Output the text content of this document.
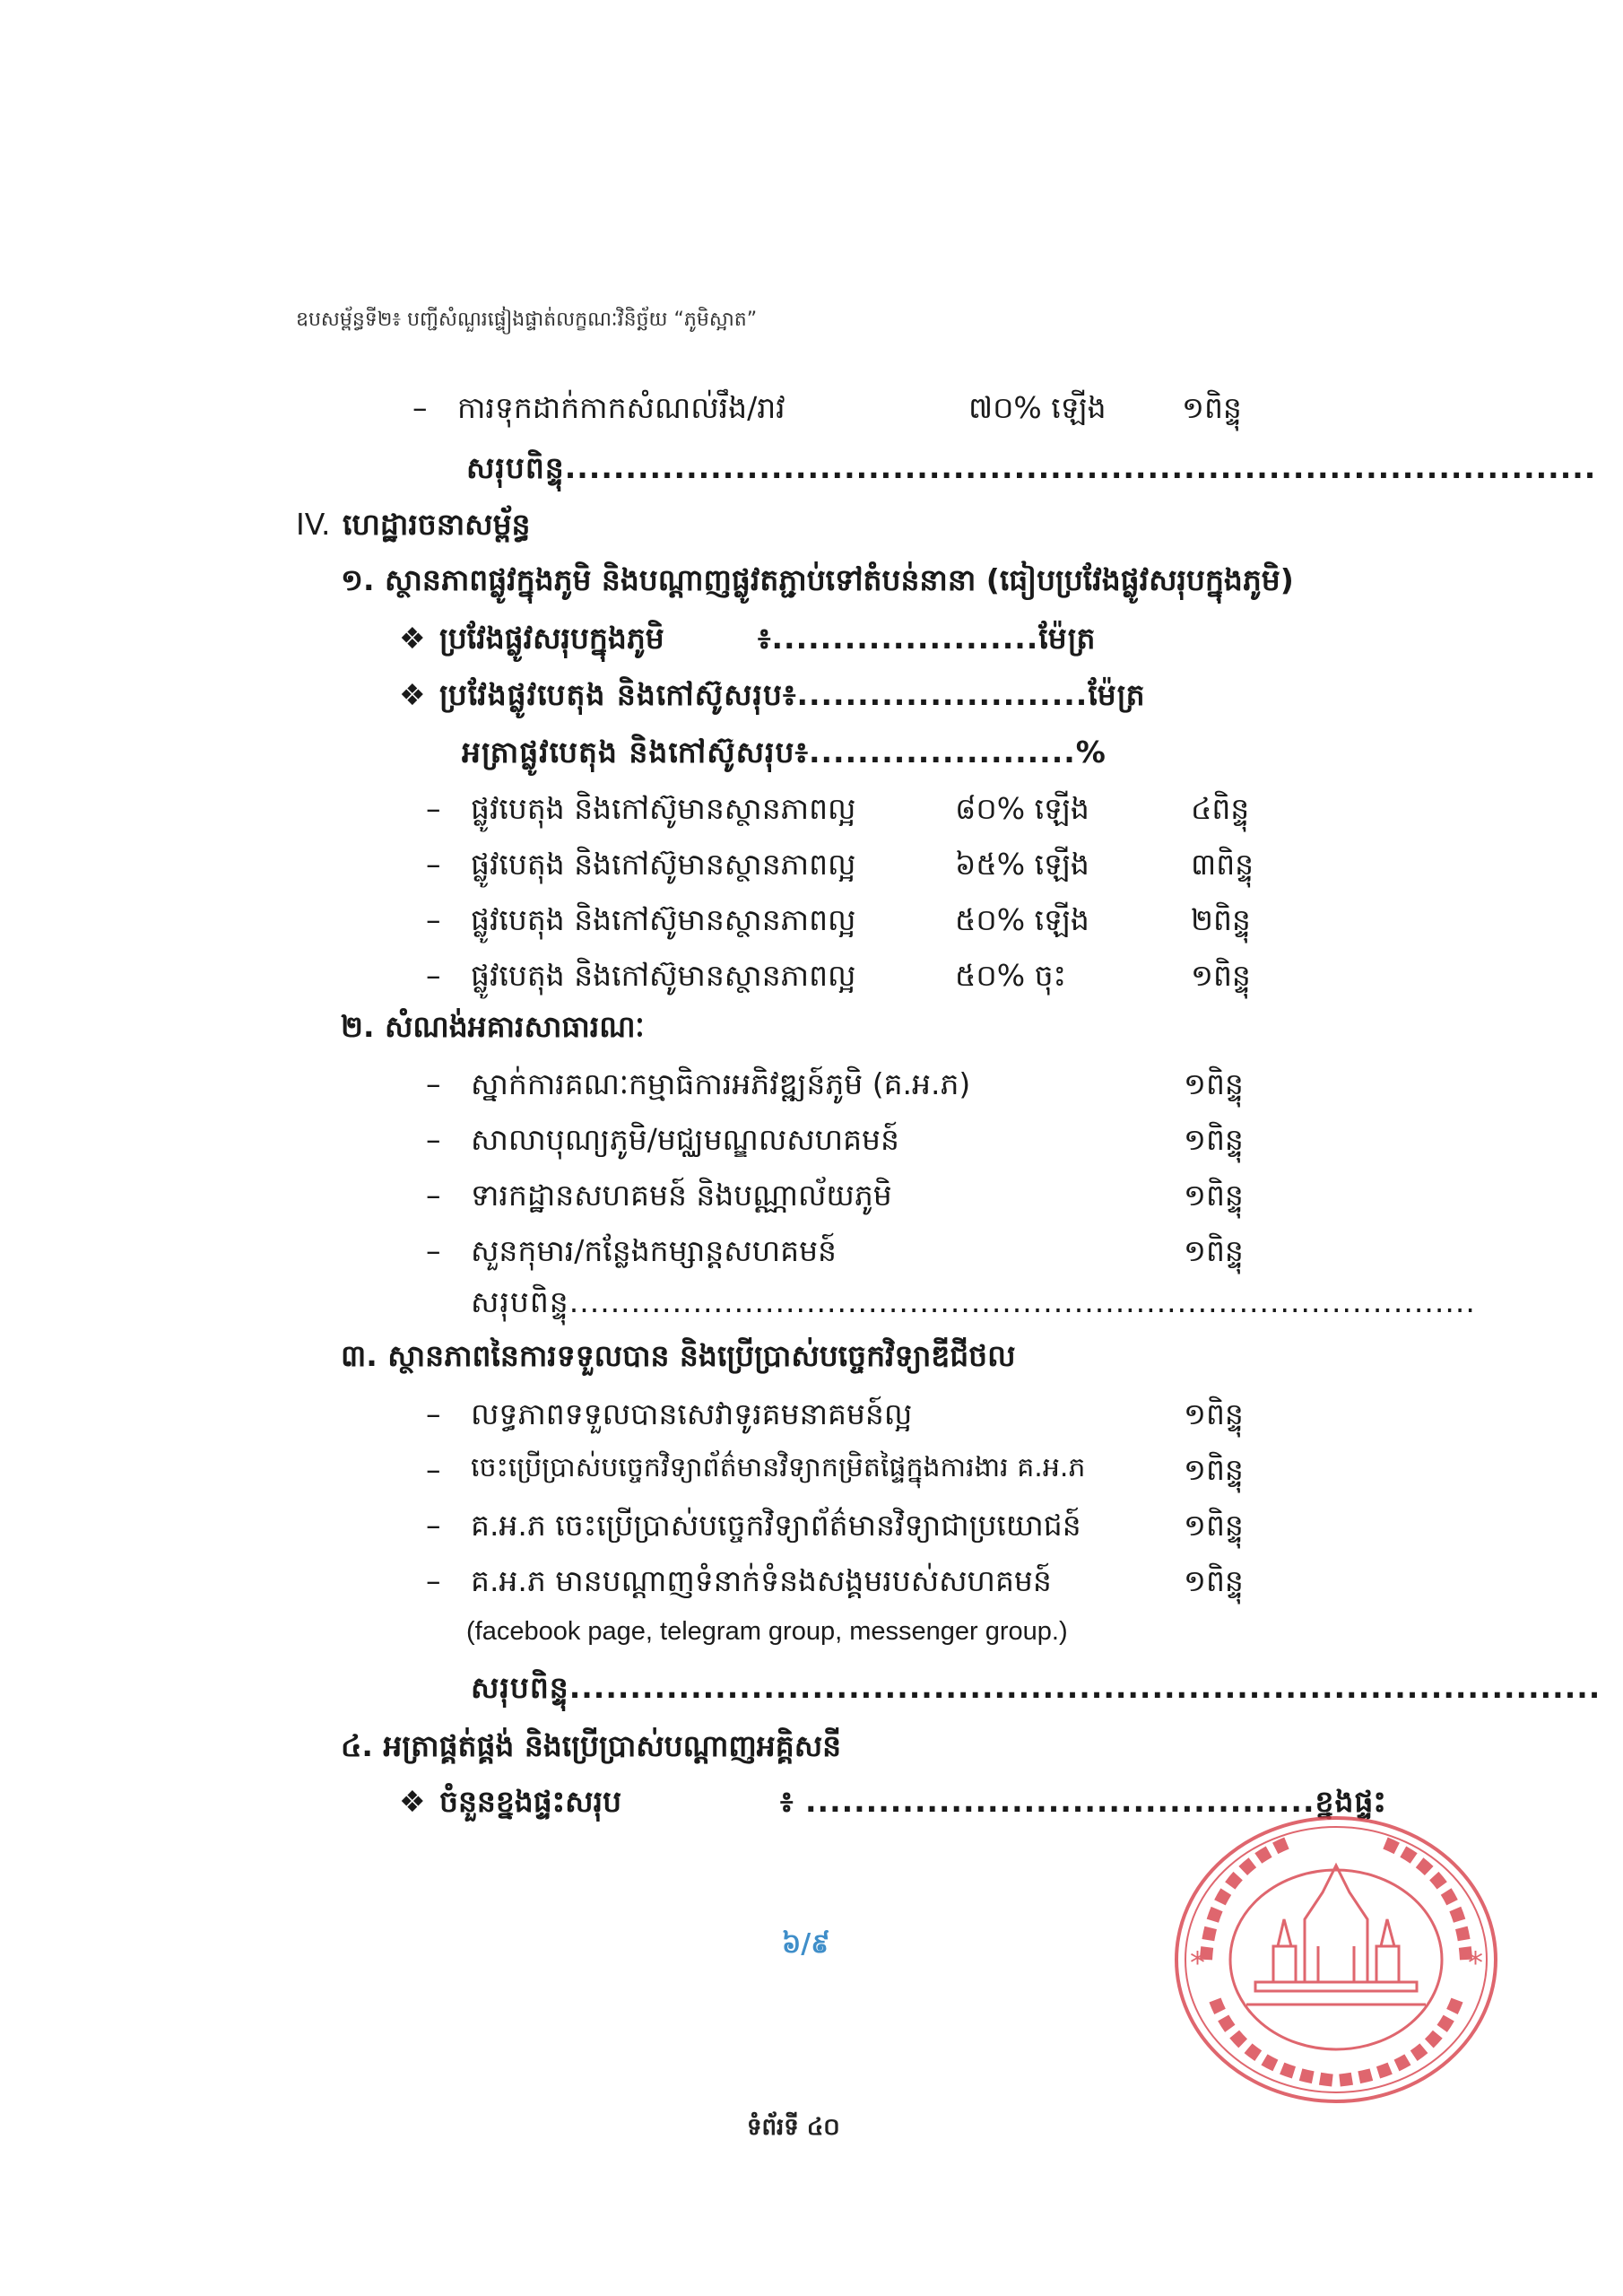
ឧបសម្ព័ន្ធទី២៖ បញ្ជីសំណួរផ្ទៀងផ្ទាត់លក្ខណៈវិនិច្ឆ័យ “ភូមិស្អាត”
– ការទុកដាក់កាកសំណល់រឹង/រាវ	៧០% ឡើង	១ពិន្ទុ
សរុបពិន្ទុ.....................................................................................
IV. ហេដ្ឋារចនាសម្ព័ន្ធ
១. ស្ថានភាពផ្លូវក្នុងភូមិ និងបណ្តាញផ្លូវតភ្ជាប់ទៅតំបន់នានា (ធៀបប្រវែងផ្លូវសរុបក្នុងភូមិ)
❖ ប្រវែងផ្លូវសរុបក្នុងភូមិ	៖......................ម៉ែត្រ
❖ ប្រវែងផ្លូវបេតុង និងកៅស៊ូសរុប៖........................ម៉ែត្រ
អត្រាផ្លូវបេតុង និងកៅស៊ូសរុប៖......................%
– ផ្លូវបេតុង និងកៅស៊ូមានស្ថានភាពល្អ	៨០% ឡើង	៤ពិន្ទុ
– ផ្លូវបេតុង និងកៅស៊ូមានស្ថានភាពល្អ	៦៥% ឡើង	៣ពិន្ទុ
– ផ្លូវបេតុង និងកៅស៊ូមានស្ថានភាពល្អ	៥០% ឡើង	២ពិន្ទុ
– ផ្លូវបេតុង និងកៅស៊ូមានស្ថានភាពល្អ	៥០% ចុះ	១ពិន្ទុ
២. សំណង់អគារសាធារណៈ
– ស្នាក់ការគណៈកម្មាធិការអភិវឌ្ឍន៍ភូមិ (គ.អ.ភ)	១ពិន្ទុ
– សាលាបុណ្យភូមិ/មជ្ឈមណ្ឌលសហគមន៍	១ពិន្ទុ
– ទារកដ្ឋានសហគមន៍ និងបណ្ណាល័យភូមិ	១ពិន្ទុ
– សួនកុមារ/កន្លែងកម្សាន្តសហគមន៍	១ពិន្ទុ
សរុបពិន្ទុ........................................................................................
៣. ស្ថានភាពនៃការទទួលបាន និងប្រើប្រាស់បច្ចេកវិទ្យាឌីជីថល
– លទ្ធភាពទទួលបានសេវាទូរគមនាគមន៍ល្អ	១ពិន្ទុ
– ចេះប្រើប្រាស់បច្ចេកវិទ្យាព័ត៌មានវិទ្យាកម្រិតផ្ទៃក្នុងការងារ គ.អ.ភ	១ពិន្ទុ
– គ.អ.ភ ចេះប្រើប្រាស់បច្ចេកវិទ្យាព័ត៌មានវិទ្យាជាប្រយោជន៍	១ពិន្ទុ
– គ.អ.ភ មានបណ្តាញទំនាក់ទំនងសង្គមរបស់សហគមន៍	១ពិន្ទុ
(facebook page, telegram group, messenger group.)
សរុបពិន្ទុ.....................................................................................
៤. អត្រាផ្គត់ផ្គង់ និងប្រើប្រាស់បណ្តាញអគ្គិសនី
❖ ចំនួនខ្នងផ្ទះសរុប	៖ ..........................................ខ្នងផ្ទះ
៦/៩
ទំព័រទី ៤០
*	*
